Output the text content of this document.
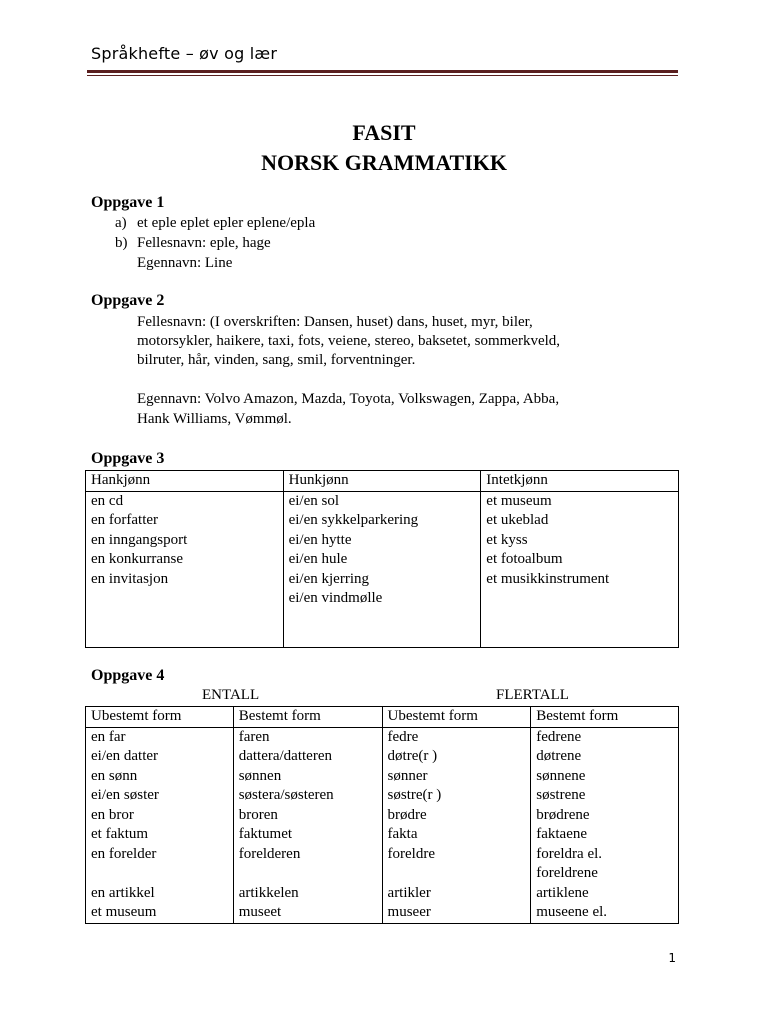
Språkhefte – øv og lær
FASIT
NORSK GRAMMATIKK
Oppgave 1
a) et eple eplet epler eplene/epla
b) Fellesnavn: eple, hage
Egennavn: Line
Oppgave 2
Fellesnavn: (I overskriften: Dansen, huset) dans, huset, myr, biler,
motorsykler, haikere, taxi, fots, veiene, stereo, baksetet, sommerkveld,
bilruter, hår, vinden, sang, smil, forventninger.
Egennavn: Volvo Amazon, Mazda, Toyota, Volkswagen, Zappa, Abba,
Hank Williams, Vømmøl.
Oppgave 3
Hankjønn	Hunkjønn	Intetkjønn
en cd	ei/en sol	et museum
en forfatter	ei/en sykkelparkering	et ukeblad
en inngangsport	ei/en hytte	et kyss
en konkurranse	ei/en hule	et fotoalbum
en invitasjon	ei/en kjerring	et musikkinstrument
	ei/en vindmølle	

Oppgave 4
ENTALL	FLERTALL
Ubestemt form	Bestemt form	Ubestemt form	Bestemt form
en far	faren	fedre	fedrene
ei/en datter	dattera/datteren	døtre(r )	døtrene
en sønn	sønnen	sønner	sønnene
ei/en søster	søstera/søsteren	søstre(r )	søstrene
en bror	broren	brødre	brødrene
et faktum	faktumet	fakta	faktaene
en forelder	forelderen	foreldre	foreldra el.
			foreldrene
en artikkel	artikkelen	artikler	artiklene
et museum	museet	museer	museene el.
1
